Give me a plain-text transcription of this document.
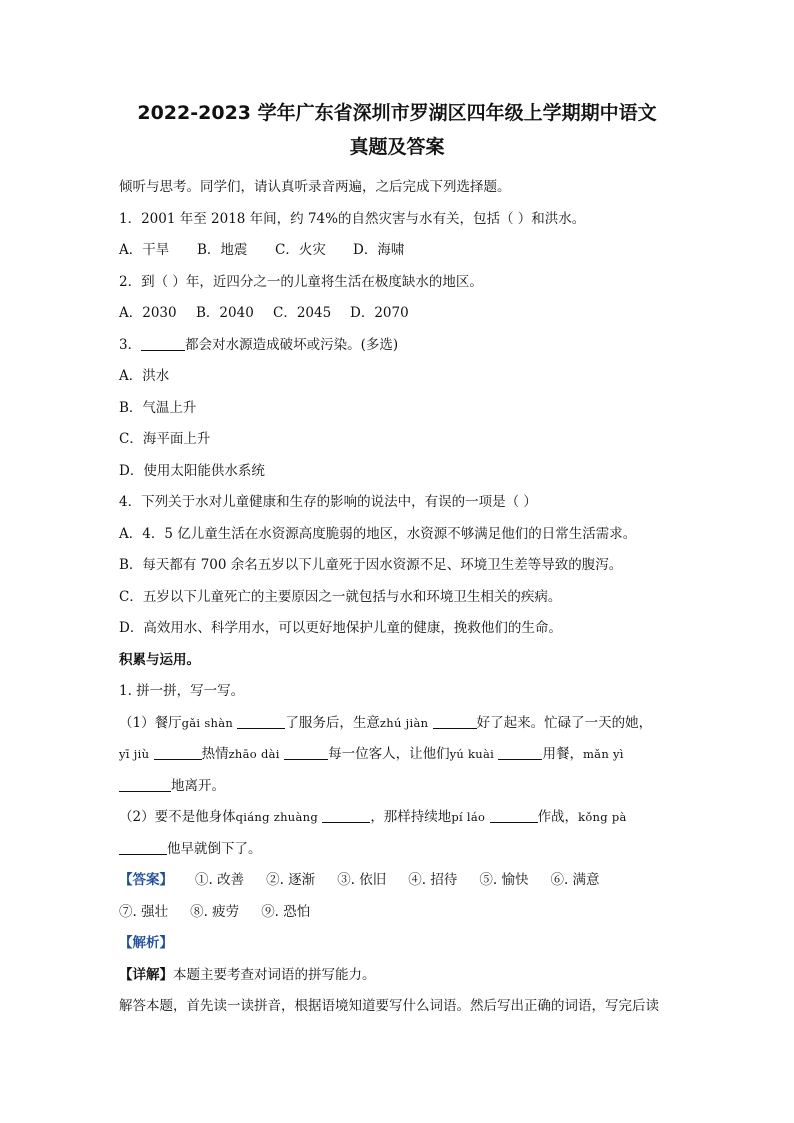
2022-2023 学年广东省深圳市罗湖区四年级上学期期中语文

真题及答案

倾听与思考。同学们，请认真听录音两遍，之后完成下列选择题。

1．2001 年至 2018 年间，约 74%的自然灾害与水有关，包括（ ）和洪水。

A．干旱 B．地震 C．火灾 D．海啸

2．到（ ）年，近四分之一的儿童将生活在极度缺水的地区。

A．2030 B．2040 C．2045 D．2070

3．	都会对水源造成破坏或污染。(多选)

A．洪水

B．气温上升

C．海平面上升

D．使用太阳能供水系统

4．下列关于水对儿童健康和生存的影响的说法中，有误的一项是（ ）

A．4．5 亿儿童生活在水资源高度脆弱的地区，水资源不够满足他们的日常生活需求。

B．每天都有 700 余名五岁以下儿童死于因水资源不足、环境卫生差等导致的腹泻。

C．五岁以下儿童死亡的主要原因之一就包括与水和环境卫生相关的疾病。

D．高效用水、科学用水，可以更好地保护儿童的健康，挽救他们的生命。

积累与运用。

1. 拼一拼，写一写。

（1）餐厅gǎi shàn	了服务后，生意zhú jiàn	好了起来。忙碌了一天的她，

yī jiù	热情zhāo dài	每一位客人，让他们yú kuài	用餐，mǎn yì

地离开。

（2）要不是他身体qiáng zhuàng	，那样持续地pí láo	作战，kǒng pà

他早就倒下了。

【答案】 ①. 改善 ②. 逐渐 ③. 依旧 ④. 招待 ⑤. 愉快 ⑥. 满意

⑦. 强壮 ⑧. 疲劳 ⑨. 恐怕

【解析】

【详解】本题主要考查对词语的拼写能力。

解答本题，首先读一读拼音，根据语境知道要写什么词语。然后写出正确的词语，写完后读
